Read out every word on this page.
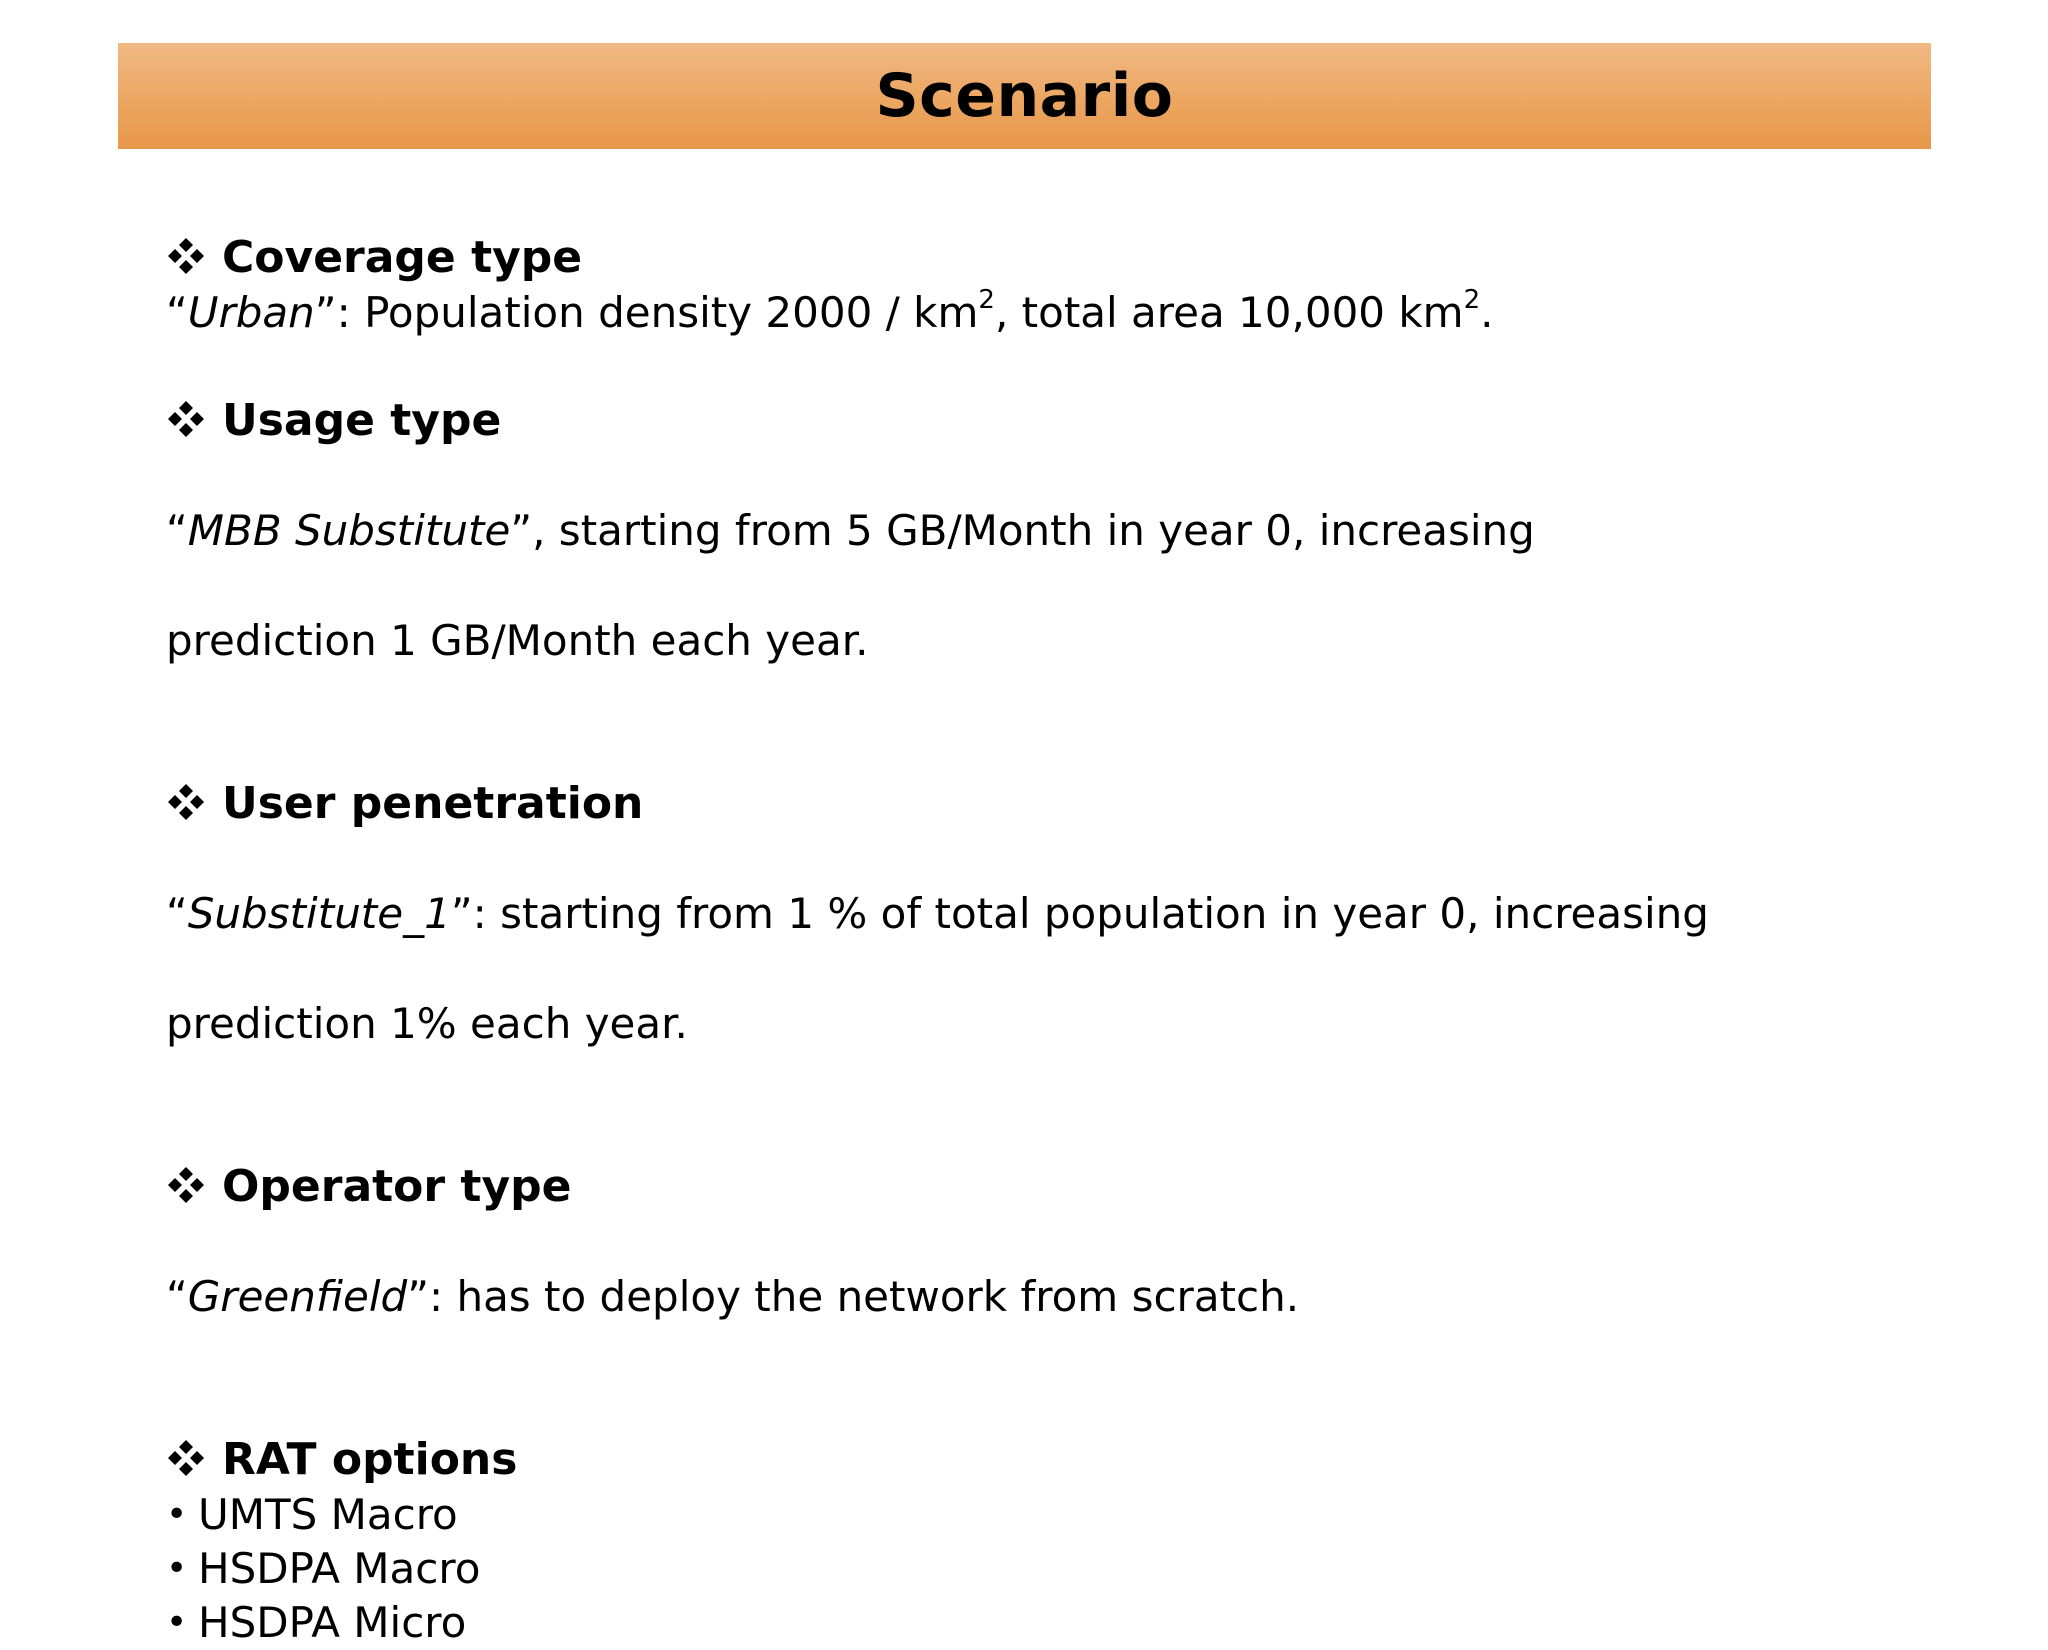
Scenario
Coverage type
“Urban”: Population density $2000 / km^2$, total area 10,000 $km^2$.
Usage type

“MBB Substitute”, starting from 5 GB/Month in year 0, increasing

prediction 1 GB/Month each year.

User penetration

“Substitute_1”: starting from 1 % of total population in year 0, increasing

prediction 1% each year.

Operator type

“Greenfield”: has to deploy the network from scratch.

RAT options
• UMTS Macro
• HSDPA Macro
• HSDPA Micro
